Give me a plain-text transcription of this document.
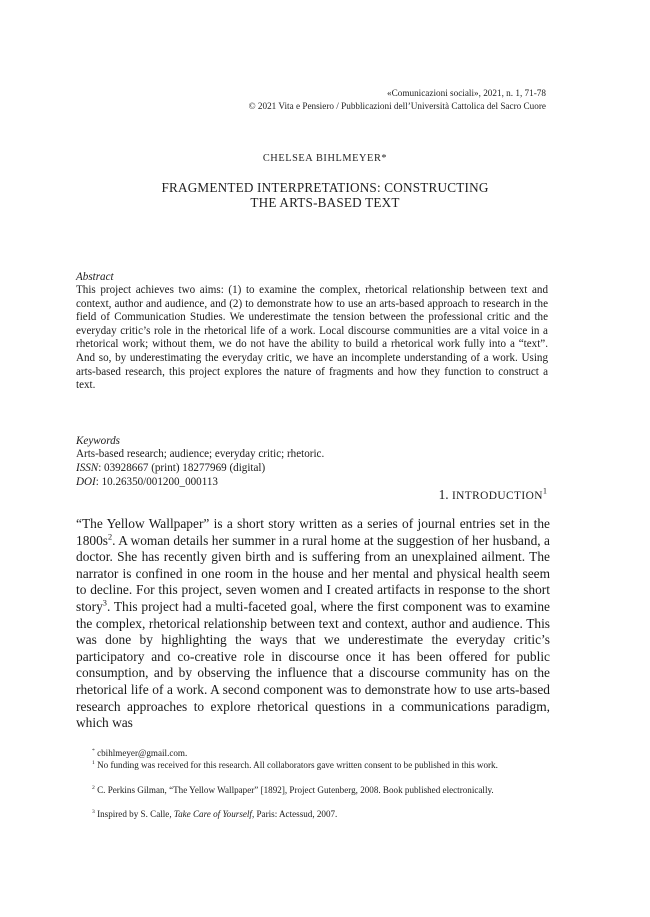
«Comunicazioni sociali», 2021, n. 1, 71-78
© 2021 Vita e Pensiero / Pubblicazioni dell’Università Cattolica del Sacro Cuore
CHELSEA BIHLMEYER*
FRAGMENTED INTERPRETATIONS: CONSTRUCTING
THE ARTS-BASED TEXT
Abstract
This project achieves two aims: (1) to examine the complex, rhetorical relationship between text and context, author and audience, and (2) to demonstrate how to use an arts-based approach to research in the field of Communication Studies. We underestimate the tension between the professional critic and the everyday critic’s role in the rhetorical life of a work. Local discourse communities are a vital voice in a rhetorical work; without them, we do not have the ability to build a rhetorical work fully into a “text”. And so, by underestimating the everyday critic, we have an incomplete understanding of a work. Using arts-based research, this project explores the nature of fragments and how they function to construct a text.
Keywords
Arts-based research; audience; everyday critic; rhetoric.
ISSN: 03928667 (print) 18277969 (digital)
DOI: 10.26350/001200_000113
1. INTRODUCTION$^1$
“The Yellow Wallpaper” is a short story written as a series of journal entries set in the $1800s^2$. A woman details her summer in a rural home at the suggestion of her husband, a doctor. She has recently given birth and is suffering from an unexplained ailment. The narrator is confined in one room in the house and her mental and physical health seem to decline. For this project, seven women and I created artifacts in response to the short story$^3$. This project had a multi-faceted goal, where the first component was to examine the complex, rhetorical relationship between text and context, author and audience. This was done by highlighting the ways that we underestimate the everyday critic’s participatory and co-creative role in discourse once it has been offered for public consumption, and by observing the influence that a discourse community has on the rhetorical life of a work. A second component was to demonstrate how to use arts-based research approaches to explore rhetorical questions in a communications paradigm, which was
* cbihlmeyer@gmail.com.
$^1$ No funding was received for this research. All collaborators gave written consent to be published in this work.
$^2$ C. Perkins Gilman, “The Yellow Wallpaper” [1892], Project Gutenberg, 2008. Book published electronically.
$^3$ Inspired by S. Calle, Take Care of Yourself, Paris: Actessud, 2007.
